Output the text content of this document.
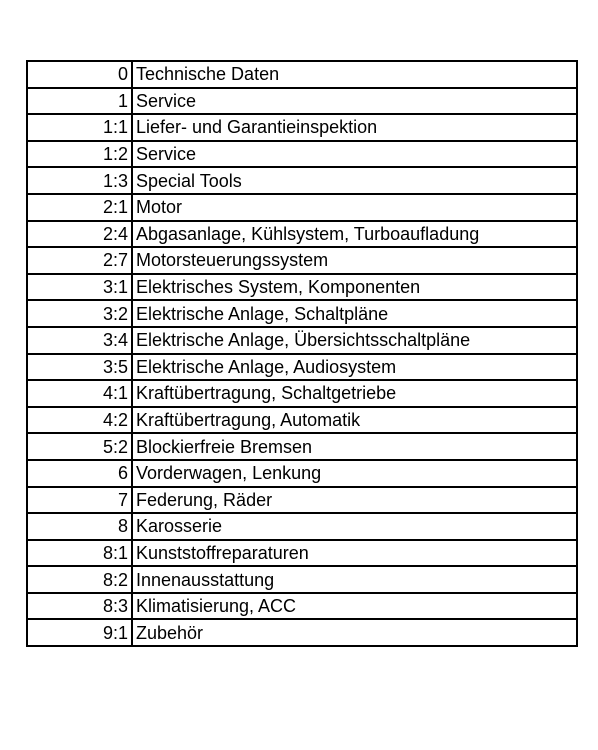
0	Technische Daten
1	Service
1:1	Liefer- und Garantieinspektion
1:2	Service
1:3	Special Tools
2:1	Motor
2:4	Abgasanlage, Kühlsystem, Turboaufladung
2:7	Motorsteuerungssystem
3:1	Elektrisches System, Komponenten
3:2	Elektrische Anlage, Schaltpläne
3:4	Elektrische Anlage, Übersichtsschaltpläne
3:5	Elektrische Anlage, Audiosystem
4:1	Kraftübertragung, Schaltgetriebe
4:2	Kraftübertragung, Automatik
5:2	Blockierfreie Bremsen
6	Vorderwagen, Lenkung
7	Federung, Räder
8	Karosserie
8:1	Kunststoffreparaturen
8:2	Innenausstattung
8:3	Klimatisierung, ACC
9:1	Zubehör
